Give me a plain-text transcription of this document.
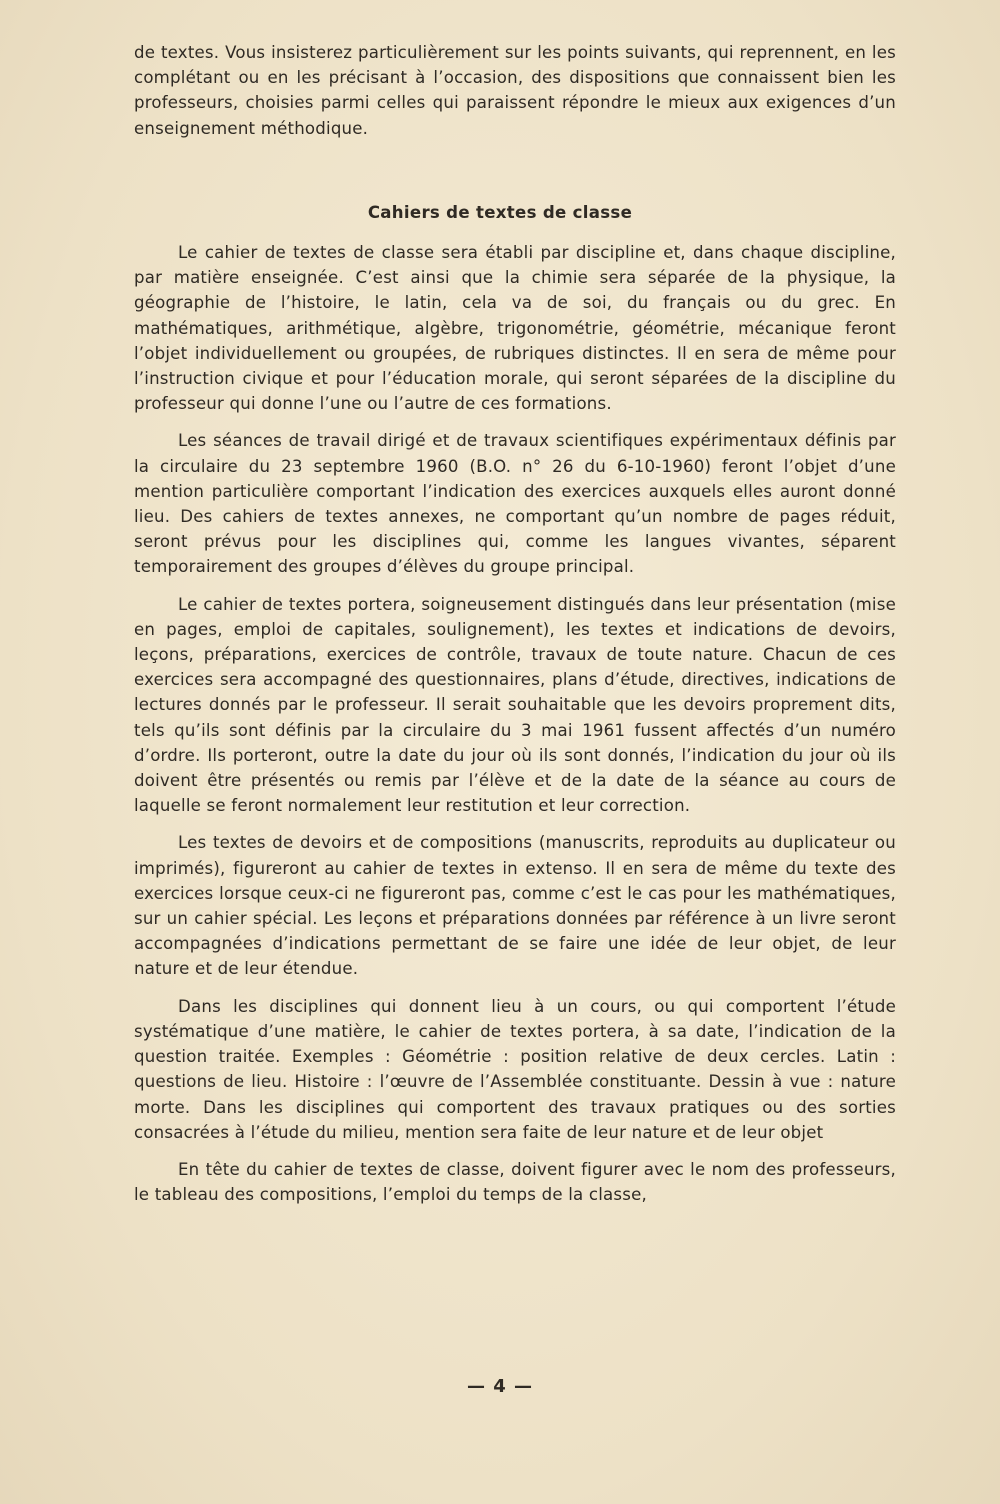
de textes. Vous insisterez particulièrement sur les points suivants, qui reprennent, en les complétant ou en les précisant à l’occasion, des dispositions que connaissent bien les professeurs, choisies parmi celles qui paraissent répondre le mieux aux exigences d’un enseignement méthodique.

Cahiers de textes de classe

Le cahier de textes de classe sera établi par discipline et, dans chaque discipline, par matière enseignée. C’est ainsi que la chimie sera séparée de la physique, la géographie de l’histoire, le latin, cela va de soi, du français ou du grec. En mathématiques, arithmétique, algèbre, trigonométrie, géométrie, mécanique feront l’objet individuellement ou groupées, de rubriques distinctes. Il en sera de même pour l’instruction civique et pour l’éducation morale, qui seront séparées de la discipline du professeur qui donne l’une ou l’autre de ces formations.

Les séances de travail dirigé et de travaux scientifiques expérimentaux définis par la circulaire du 23 septembre 1960 (B.O. n° 26 du 6-10-1960) feront l’objet d’une mention particulière comportant l’indication des exercices auxquels elles auront donné lieu. Des cahiers de textes annexes, ne comportant qu’un nombre de pages réduit, seront prévus pour les disciplines qui, comme les langues vivantes, séparent temporairement des groupes d’élèves du groupe principal.

Le cahier de textes portera, soigneusement distingués dans leur présentation (mise en pages, emploi de capitales, soulignement), les textes et indications de devoirs, leçons, préparations, exercices de contrôle, travaux de toute nature. Chacun de ces exercices sera accompagné des questionnaires, plans d’étude, directives, indications de lectures donnés par le professeur. Il serait souhaitable que les devoirs proprement dits, tels qu’ils sont définis par la circulaire du 3 mai 1961 fussent affectés d’un numéro d’ordre. Ils porteront, outre la date du jour où ils sont donnés, l’indication du jour où ils doivent être présentés ou remis par l’élève et de la date de la séance au cours de laquelle se feront normalement leur restitution et leur correction.

Les textes de devoirs et de compositions (manuscrits, reproduits au duplicateur ou imprimés), figureront au cahier de textes in extenso. Il en sera de même du texte des exercices lorsque ceux-ci ne figureront pas, comme c’est le cas pour les mathématiques, sur un cahier spécial. Les leçons et préparations données par référence à un livre seront accompagnées d’indications permettant de se faire une idée de leur objet, de leur nature et de leur étendue.

Dans les disciplines qui donnent lieu à un cours, ou qui comportent l’étude systématique d’une matière, le cahier de textes portera, à sa date, l’indication de la question traitée. Exemples : Géométrie : position relative de deux cercles. Latin : questions de lieu. Histoire : l’œuvre de l’Assemblée constituante. Dessin à vue : nature morte. Dans les disciplines qui comportent des travaux pratiques ou des sorties consacrées à l’étude du milieu, mention sera faite de leur nature et de leur objet

En tête du cahier de textes de classe, doivent figurer avec le nom des professeurs, le tableau des compositions, l’emploi du temps de la classe,

— 4 —
